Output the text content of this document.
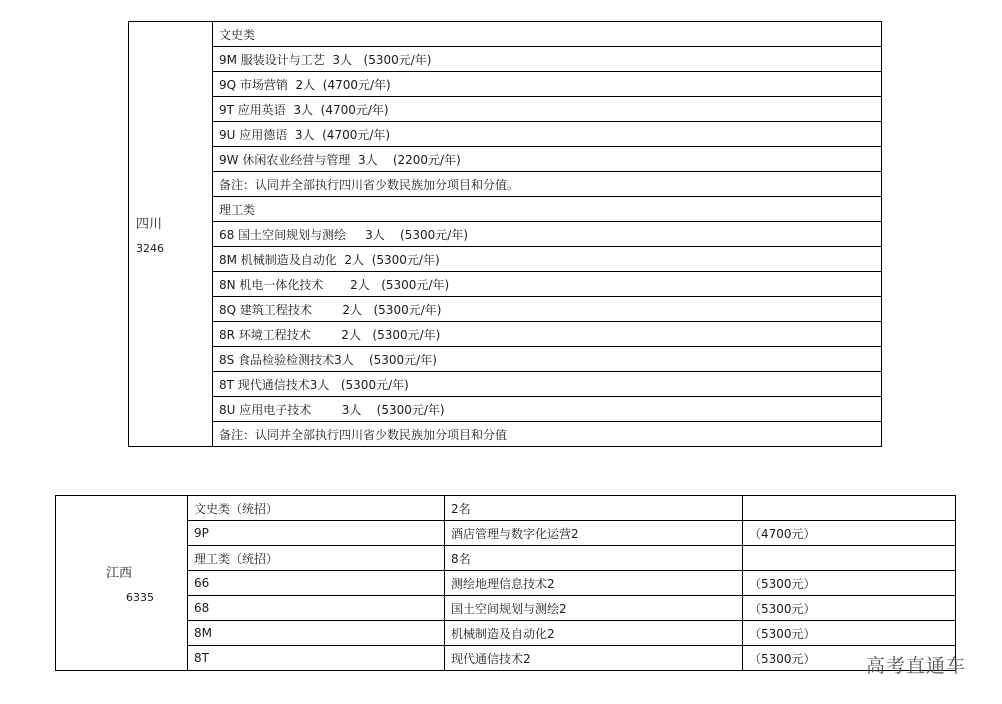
四川
3246
	文史类
9M 服装设计与工艺  3人   (5300元/年)
9Q 市场营销  2人  (4700元/年)
9T 应用英语  3人  (4700元/年)
9U 应用德语  3人  (4700元/年)
9W 休闲农业经营与管理  3人    (2200元/年)
备注：认同并全部执行四川省少数民族加分项目和分值。
理工类
68 国土空间规划与测绘     3人    (5300元/年)
8M 机械制造及自动化  2人  (5300元/年)
8N 机电一体化技术       2人   (5300元/年)
8Q 建筑工程技术        2人   (5300元/年)
8R 环境工程技术        2人   (5300元/年)
8S 食品检验检测技术3人    (5300元/年)
8T 现代通信技术3人   (5300元/年)
8U 应用电子技术        3人    (5300元/年)
备注：认同并全部执行四川省少数民族加分项目和分值
江西
6335	文史类（统招）	2名	
	9P	酒店管理与数字化运营2	（4700元）
	理工类（统招）	8名	
	66	测绘地理信息技术2	（5300元）
	68	国土空间规划与测绘2	（5300元）
	8M	机械制造及自动化2	（5300元）
	8T	现代通信技术2	（5300元）	高考直通车
